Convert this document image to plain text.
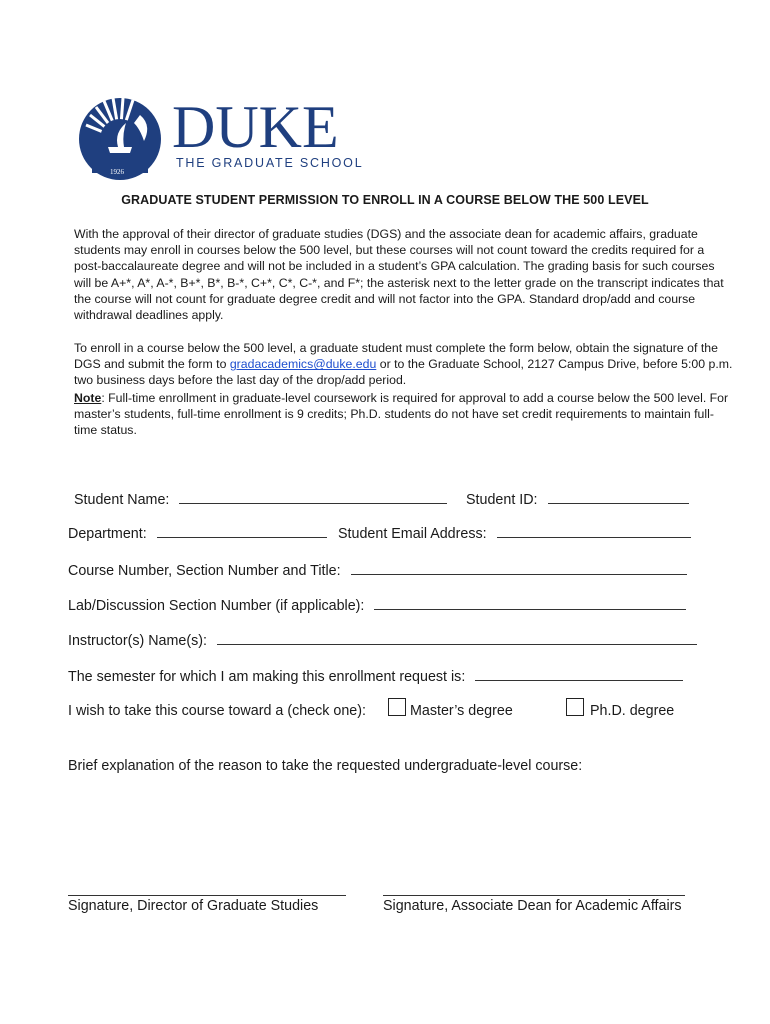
1926
DUKE
THE GRADUATE SCHOOL
GRADUATE STUDENT PERMISSION TO ENROLL IN A COURSE BELOW THE 500 LEVEL
With the approval of their director of graduate studies (DGS) and the associate dean for academic affairs, graduate students may enroll in courses below the 500 level, but these courses will not count toward the credits required for a post-baccalaureate degree and will not be included in a student’s GPA calculation. The grading basis for such courses will be A+*, A*, A-*, B+*, B*, B-*, C+*, C*, C-*, and F*; the asterisk next to the letter grade on the transcript indicates that the course will not count for graduate degree credit and will not factor into the GPA. Standard drop/add and course withdrawal deadlines apply.
To enroll in a course below the 500 level, a graduate student must complete the form below, obtain the signature of the DGS and submit the form to gradacademics@duke.edu or to the Graduate School, 2127 Campus Drive, before 5:00 p.m. two business days before the last day of the drop/add period.
Note: Full-time enrollment in graduate-level coursework is required for approval to add a course below the 500 level. For master’s students, full-time enrollment is 9 credits; Ph.D. students do not have set credit requirements to maintain full-time status.
Student Name:	Student ID:
Department:	Student Email Address:
Course Number, Section Number and Title:
Lab/Discussion Section Number (if applicable):
Instructor(s) Name(s):
The semester for which I am making this enrollment request is:
I wish to take this course toward a (check one):	Master’s degree	Ph.D. degree
Brief explanation of the reason to take the requested undergraduate-level course:
Signature, Director of Graduate Studies	Signature, Associate Dean for Academic Affairs
